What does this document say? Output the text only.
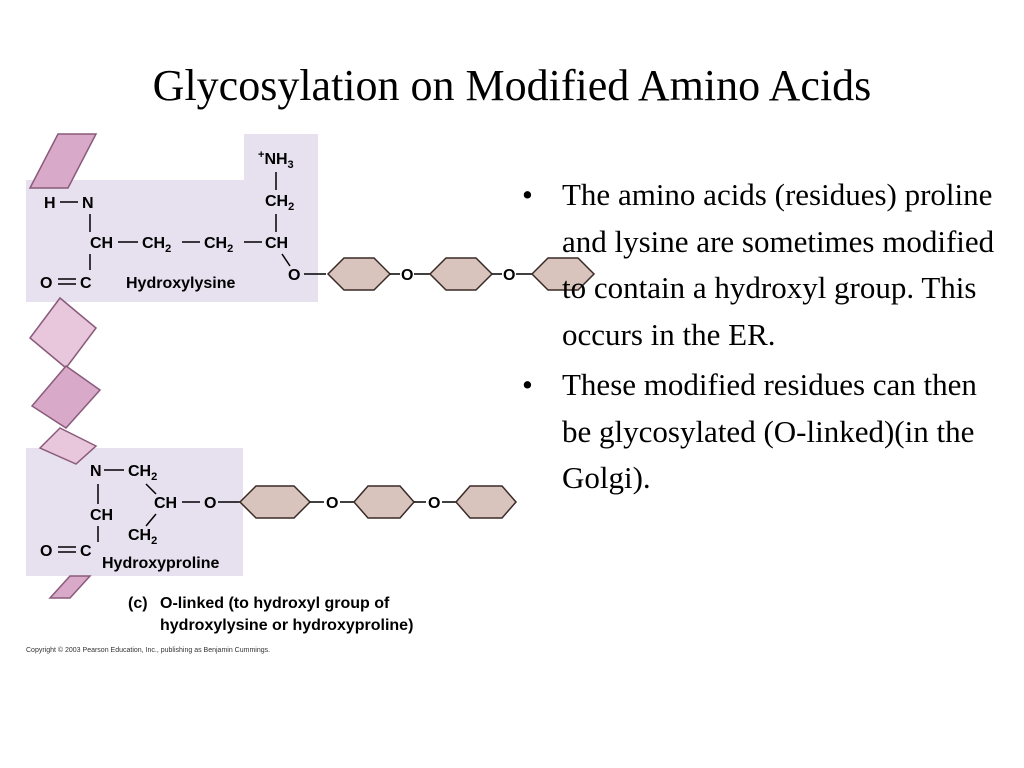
Glycosylation on Modified Amino Acids
$^+NH_3$
$CH_2$
H N
CH $CH_2$ $CH_2$ CH
O C Hydroxylysine	O	O	O
N $CH_2$
CH O
CH
$CH_2$
O C
Hydroxyproline
O	O
(c) O-linked (to hydroxyl group of
hydroxylysine or hydroxyproline)
Copyright © 2003 Pearson Education, Inc., publishing as Benjamin Cummings.
• The amino acids (residues) proline and lysine are sometimes modified to contain a hydroxyl group. This occurs in the ER.
• These modified residues can then be glycosylated (O-linked)(in the Golgi).
